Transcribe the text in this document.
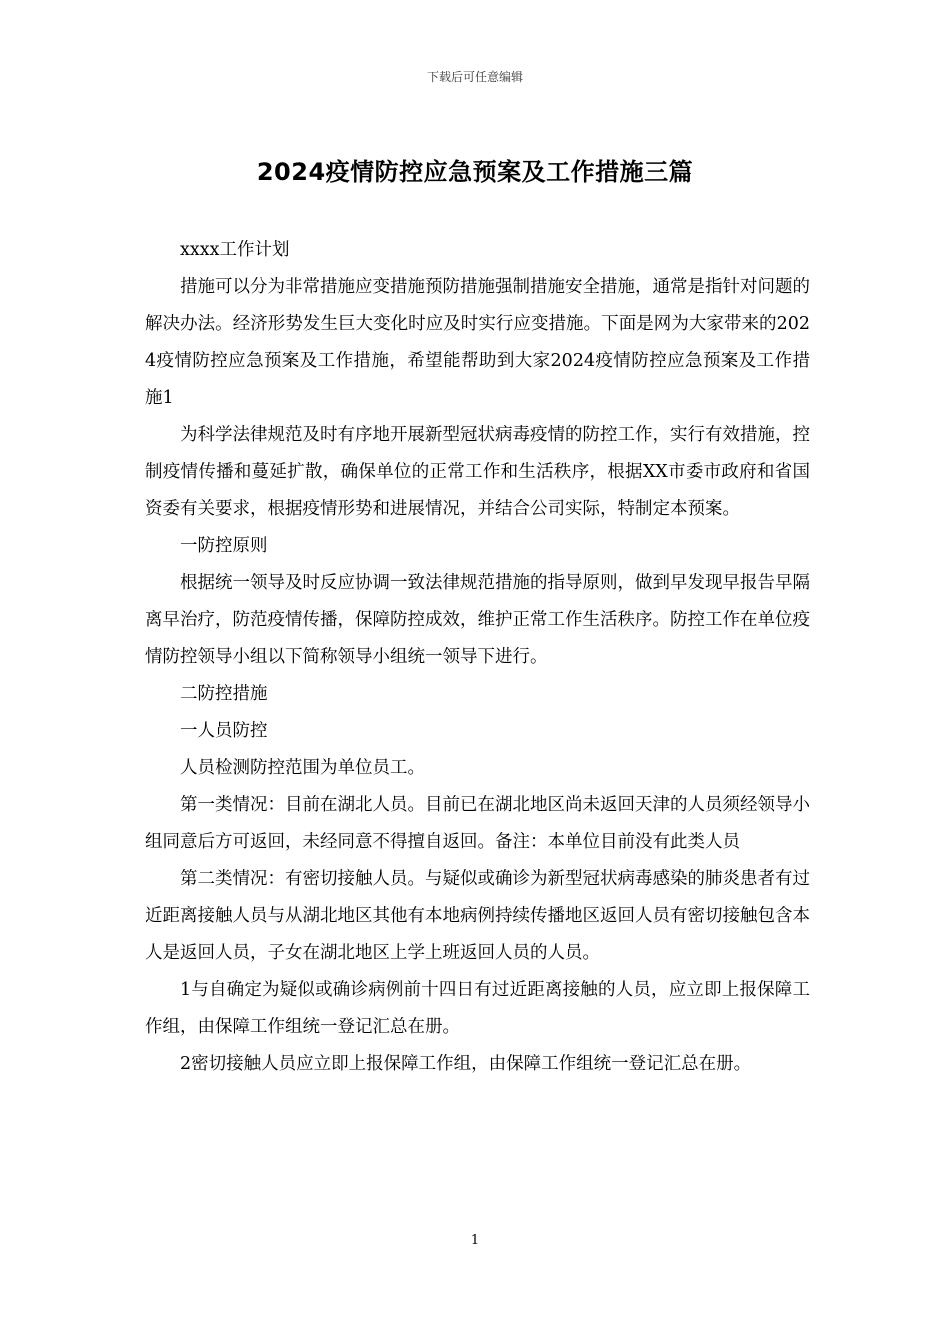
下载后可任意编辑
2024疫情防控应急预案及工作措施三篇

xxxx工作计划

措施可以分为非常措施应变措施预防措施强制措施安全措施，通常是指针对问题的解决办法。经济形势发生巨大变化时应及时实行应变措施。下面是网为大家带来的2024疫情防控应急预案及工作措施，希望能帮助到大家2024疫情防控应急预案及工作措施1

为科学法律规范及时有序地开展新型冠状病毒疫情的防控工作，实行有效措施，控制疫情传播和蔓延扩散，确保单位的正常工作和生活秩序，根据XX市委市政府和省国资委有关要求，根据疫情形势和进展情况，并结合公司实际，特制定本预案。

一防控原则

根据统一领导及时反应协调一致法律规范措施的指导原则，做到早发现早报告早隔离早治疗，防范疫情传播，保障防控成效，维护正常工作生活秩序。防控工作在单位疫情防控领导小组以下简称领导小组统一领导下进行。

二防控措施

一人员防控

人员检测防控范围为单位员工。

第一类情况：目前在湖北人员。目前已在湖北地区尚未返回天津的人员须经领导小组同意后方可返回，未经同意不得擅自返回。备注：本单位目前没有此类人员

第二类情况：有密切接触人员。与疑似或确诊为新型冠状病毒感染的肺炎患者有过近距离接触人员与从湖北地区其他有本地病例持续传播地区返回人员有密切接触包含本人是返回人员，子女在湖北地区上学上班返回人员的人员。

1与自确定为疑似或确诊病例前十四日有过近距离接触的人员，应立即上报保障工作组，由保障工作组统一登记汇总在册。

2密切接触人员应立即上报保障工作组，由保障工作组统一登记汇总在册。

1
